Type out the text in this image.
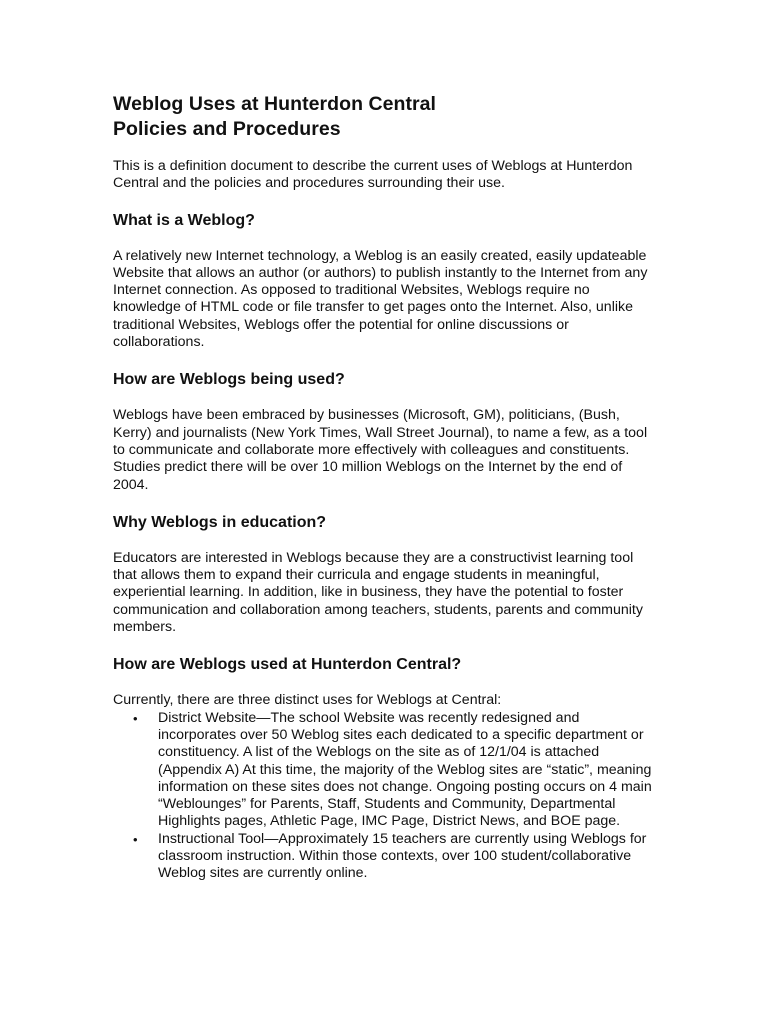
Weblog Uses at Hunterdon Central
Policies and Procedures

This is a definition document to describe the current uses of Weblogs at Hunterdon Central and the policies and procedures surrounding their use.

What is a Weblog?

A relatively new Internet technology, a Weblog is an easily created, easily updateable Website that allows an author (or authors) to publish instantly to the Internet from any Internet connection. As opposed to traditional Websites, Weblogs require no knowledge of HTML code or file transfer to get pages onto the Internet. Also, unlike traditional Websites, Weblogs offer the potential for online discussions or collaborations.

How are Weblogs being used?

Weblogs have been embraced by businesses (Microsoft, GM), politicians, (Bush, Kerry) and journalists (New York Times, Wall Street Journal), to name a few, as a tool to communicate and collaborate more effectively with colleagues and constituents. Studies predict there will be over 10 million Weblogs on the Internet by the end of 2004.

Why Weblogs in education?

Educators are interested in Weblogs because they are a constructivist learning tool that allows them to expand their curricula and engage students in meaningful, experiential learning. In addition, like in business, they have the potential to foster communication and collaboration among teachers, students, parents and community members.

How are Weblogs used at Hunterdon Central?

Currently, there are three distinct uses for Weblogs at Central:

• District Website—The school Website was recently redesigned and incorporates over 50 Weblog sites each dedicated to a specific department or constituency. A list of the Weblogs on the site as of 12/1/04 is attached (Appendix A) At this time, the majority of the Weblog sites are “static”, meaning information on these sites does not change. Ongoing posting occurs on 4 main “Weblounges” for Parents, Staff, Students and Community, Departmental Highlights pages, Athletic Page, IMC Page, District News, and BOE page.
• Instructional Tool—Approximately 15 teachers are currently using Weblogs for classroom instruction. Within those contexts, over 100 student/collaborative Weblog sites are currently online.
